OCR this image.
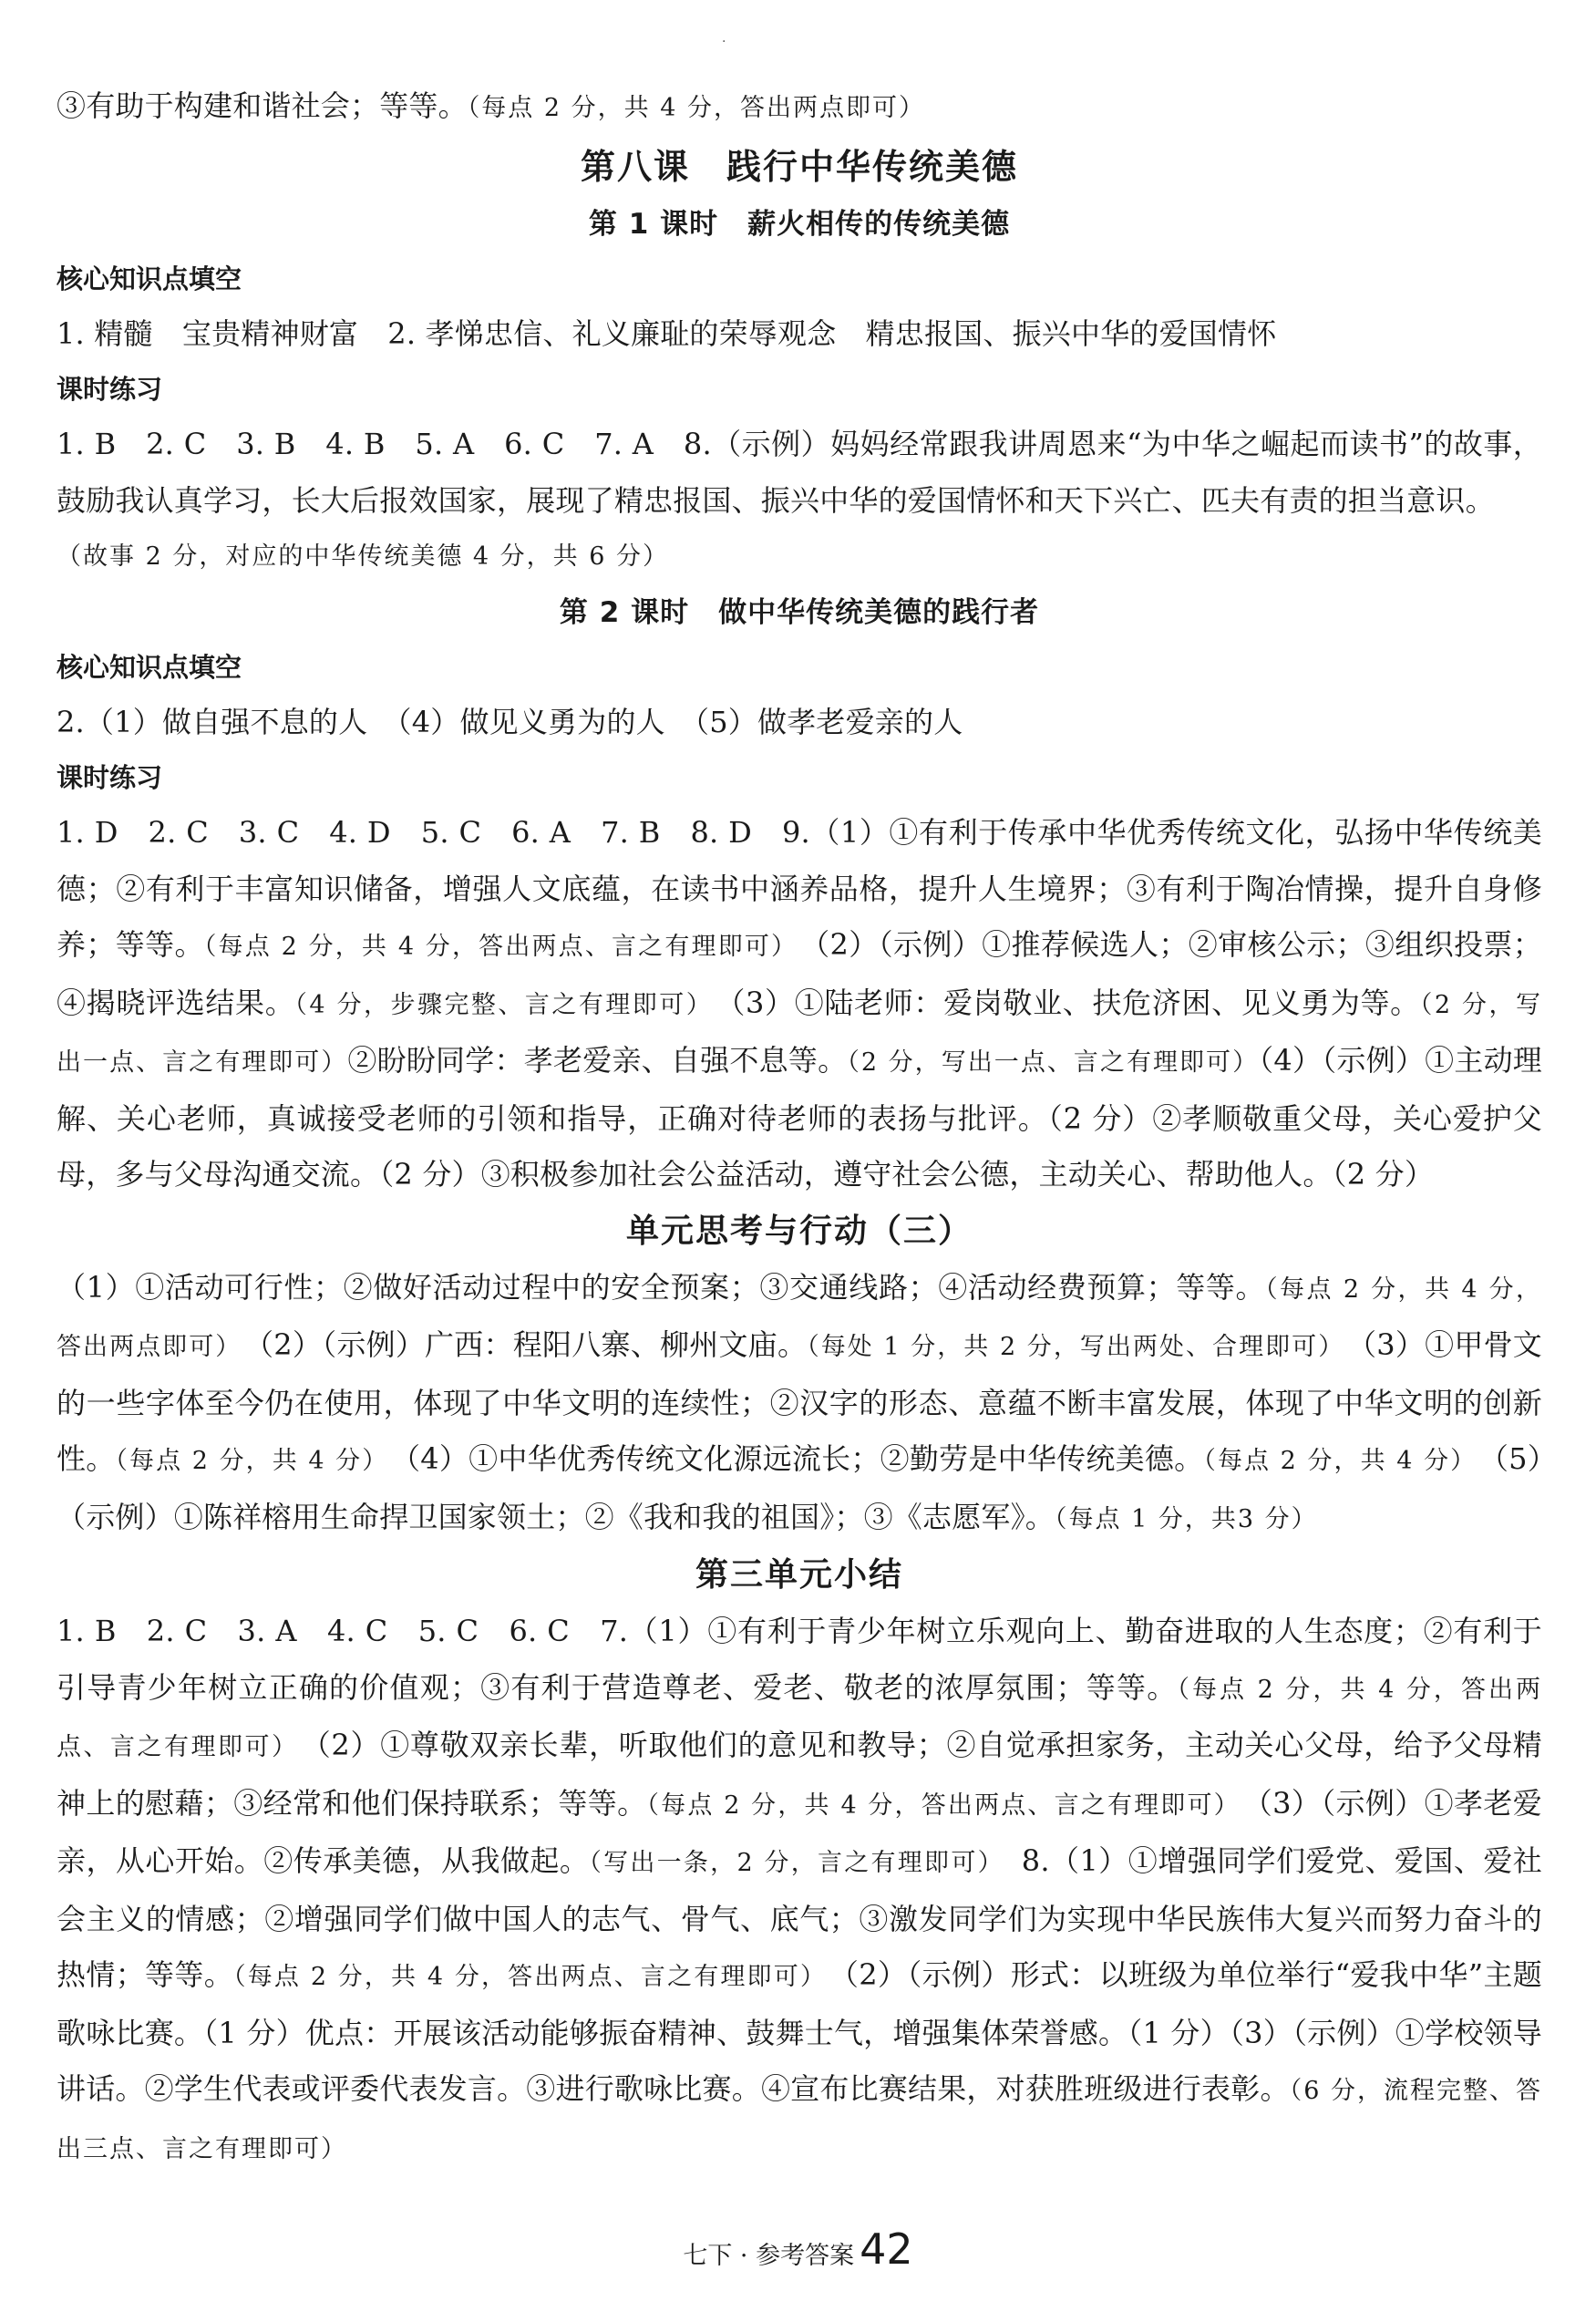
·

③有助于构建和谐社会；等等。（每点 2 分，共 4 分，答出两点即可）

第八课　践行中华传统美德
第 1 课时　薪火相传的传统美德
核心知识点填空

1. 精髓　宝贵精神财富　2. 孝悌忠信、礼义廉耻的荣辱观念　精忠报国、振兴中华的爱国情怀

课时练习

1. B　2. C　3. B　4. B　5. A　6. C　7. A　8.（示例）妈妈经常跟我讲周恩来“为中华之崛起而读书”的故事，鼓励我认真学习，长大后报效国家，展现了精忠报国、振兴中华的爱国情怀和天下兴亡、匹夫有责的担当意识。

（故事 2 分，对应的中华传统美德 4 分，共 6 分）

第 2 课时　做中华传统美德的践行者
核心知识点填空

2.（1）做自强不息的人　（4）做见义勇为的人　（5）做孝老爱亲的人

课时练习

1. D　2. C　3. C　4. D　5. C　6. A　7. B　8. D　9.（1）①有利于传承中华优秀传统文化，弘扬中华传统美德；②有利于丰富知识储备，增强人文底蕴，在读书中涵养品格，提升人生境界；③有利于陶冶情操，提升自身修养；等等。（每点 2 分，共 4 分，答出两点、言之有理即可）　（2）（示例）①推荐候选人；②审核公示；③组织投票；④揭晓评选结果。（4 分，步骤完整、言之有理即可）　（3）①陆老师：爱岗敬业、扶危济困、见义勇为等。（2 分，写出一点、言之有理即可）②盼盼同学：孝老爱亲、自强不息等。（2 分，写出一点、言之有理即可）（4）（示例）①主动理解、关心老师，真诚接受老师的引领和指导，正确对待老师的表扬与批评。（2 分）②孝顺敬重父母，关心爱护父母，多与父母沟通交流。（2 分）③积极参加社会公益活动，遵守社会公德，主动关心、帮助他人。（2 分）

单元思考与行动（三）

（1）①活动可行性；②做好活动过程中的安全预案；③交通线路；④活动经费预算；等等。（每点 2 分，共 4 分，答出两点即可）　（2）（示例）广西：程阳八寨、柳州文庙。（每处 1 分，共 2 分，写出两处、合理即可）　（3）①甲骨文的一些字体至今仍在使用，体现了中华文明的连续性；②汉字的形态、意蕴不断丰富发展，体现了中华文明的创新性。（每点 2 分，共 4 分）　（4）①中华优秀传统文化源远流长；②勤劳是中华传统美德。（每点 2 分，共 4 分）　（5）（示例）①陈祥榕用生命捍卫国家领土；②《我和我的祖国》；③《志愿军》。（每点 1 分，共3 分）

第三单元小结

1. B　2. C　3. A　4. C　5. C　6. C　7.（1）①有利于青少年树立乐观向上、勤奋进取的人生态度；②有利于引导青少年树立正确的价值观；③有利于营造尊老、爱老、敬老的浓厚氛围；等等。（每点 2 分，共 4 分，答出两点、言之有理即可）　（2）①尊敬双亲长辈，听取他们的意见和教导；②自觉承担家务，主动关心父母，给予父母精神上的慰藉；③经常和他们保持联系；等等。（每点 2 分，共 4 分，答出两点、言之有理即可）　（3）（示例）①孝老爱亲，从心开始。②传承美德，从我做起。（写出一条，2 分，言之有理即可）　8.（1）①增强同学们爱党、爱国、爱社会主义的情感；②增强同学们做中国人的志气、骨气、底气；③激发同学们为实现中华民族伟大复兴而努力奋斗的热情；等等。（每点 2 分，共 4 分，答出两点、言之有理即可）　（2）（示例）形式：以班级为单位举行“爱我中华”主题歌咏比赛。（1 分）优点：开展该活动能够振奋精神、鼓舞士气，增强集体荣誉感。（1 分）（3）（示例）①学校领导讲话。②学生代表或评委代表发言。③进行歌咏比赛。④宣布比赛结果，对获胜班级进行表彰。（6 分，流程完整、答出三点、言之有理即可）

七下 · 参考答案 42
